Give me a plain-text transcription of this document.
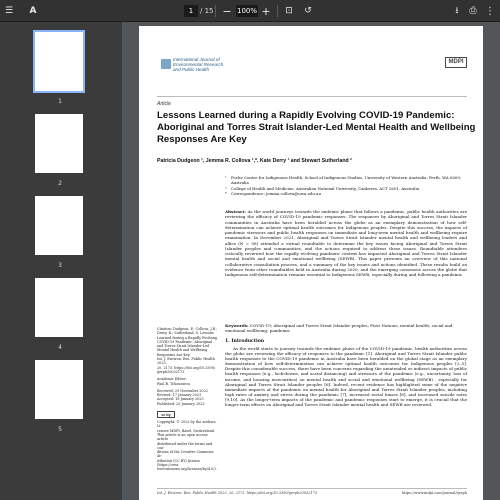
☰	A	1 / 15 − 100% + ⊡ ↺	⭳	⎙ ⋮
1
2
3
4
5
International Journal of
Environmental Research
and Public Health
MDPI
Article
Lessons Learned during a Rapidly Evolving COVID-19 Pandemic: Aboriginal and Torres Strait Islander-Led Mental Health and Wellbeing Responses Are Key
Patricia Dudgeon ¹, Jemma R. Collova ¹,*, Kate Derry ¹ and Stewart Sutherland ²
¹ Poche Centre for Indigenous Health, School of Indigenous Studies, University of Western Australia, Perth, WA 6009, Australia
² College of Health and Medicine, Australian National University, Canberra, ACT 2601, Australia
* Correspondence: jemma.collova@uwa.edu.au
Abstract: As the world journeys towards the endemic phase that follows a pandemic, public health authorities are reviewing the efficacy of COVID-19 pandemic responses. The responses by Aboriginal and Torres Strait Islander communities in Australia have been heralded across the globe as an exemplary demonstration of how self-determination can achieve optimal health outcomes for Indigenous peoples. Despite this success, the impacts of pandemic stressors and public health responses on immediate and long-term mental health and wellbeing require examination. In December 2021, Aboriginal and Torres Strait Islander mental health and wellbeing leaders and allies (N = 58) attended a virtual roundtable to determine the key issues facing Aboriginal and Torres Strait Islander peoples and communities, and the actions required to address these issues. Roundtable attendees critically reviewed how the rapidly evolving pandemic context has impacted Aboriginal and Torres Strait Islander mental health and social and emotional wellbeing (SEWB). This paper presents an overview of this national collaborative consultation process, and a summary of the key issues and actions identified. These results build on evidence from other roundtables held in Australia during 2020, and the emerging consensus across the globe that Indigenous self-determination remains essential to Indigenous SEWB, especially during and following a pandemic.
Keywords: COVID-19; Aboriginal and Torres Strait Islander peoples; First Nations; mental health; social and emotional wellbeing; pandemic
Citation: Dudgeon, P.; Collova, J.R.;
Derry, K.; Sutherland, S. Lessons
Learned during a Rapidly Evolving
COVID-19 Pandemic: Aboriginal
and Torres Strait Islander-Led
Mental Health and Wellbeing
Responses Are Key.
Int. J. Environ. Res. Public Health 2023,
20, 2173. https://doi.org/10.3390/
ijerph20032173
Academic Editor:
Paul B. Tchounwou
Received: 29 November 2022
Revised: 17 January 2023
Accepted: 18 January 2023
Published: 25 January 2023
cc by
Copyright: © 2023 by the authors. Li-
censee MDPI, Basel, Switzerland.
This article is an open access article
distributed under the terms and con-
ditions of the Creative Commons At-
tribution (CC BY) license (https://crea-
tivecommons.org/licenses/by/4.0/).
1. Introduction
As the world starts to journey towards the endemic phase of the COVID-19 pandemic, health authorities across the globe are reviewing the efficacy of responses to the pandemic [1]. Aboriginal and Torres Strait Islander public health responses to the COVID-19 pandemic in Australia have been heralded on the global stage as an exemplary demonstration of how self-determination can achieve optimal health outcomes for Indigenous peoples [2–5]. Despite this considerable success, there have been concerns regarding the unintended or indirect impacts of public health responses (e.g., lock-downs, and social distancing) and stressors of the pandemic (e.g., uncertainty, loss of income, and housing insecurities) on mental health and social and emotional wellbeing (SEWB) , especially for Aboriginal and Torres Strait Islander peoples [6]. Indeed, recent evidence has highlighted some of the negative immediate impacts of the pandemic on mental health for Aboriginal and Torres Strait Islander peoples, including high rates of anxiety and stress during the pandemic [7], increased racial biases [8], and increased suicide rates [9,10]. As the longer-term impacts of the pandemic and pandemic responses start to emerge, it is crucial that the longer-term effects on Aboriginal and Torres Strait Islander mental health and SEWB are reviewed.
Int. J. Environ. Res. Public Health 2023, 20, 2173. https://doi.org/10.3390/ijerph20032173	https://www.mdpi.com/journal/ijerph
